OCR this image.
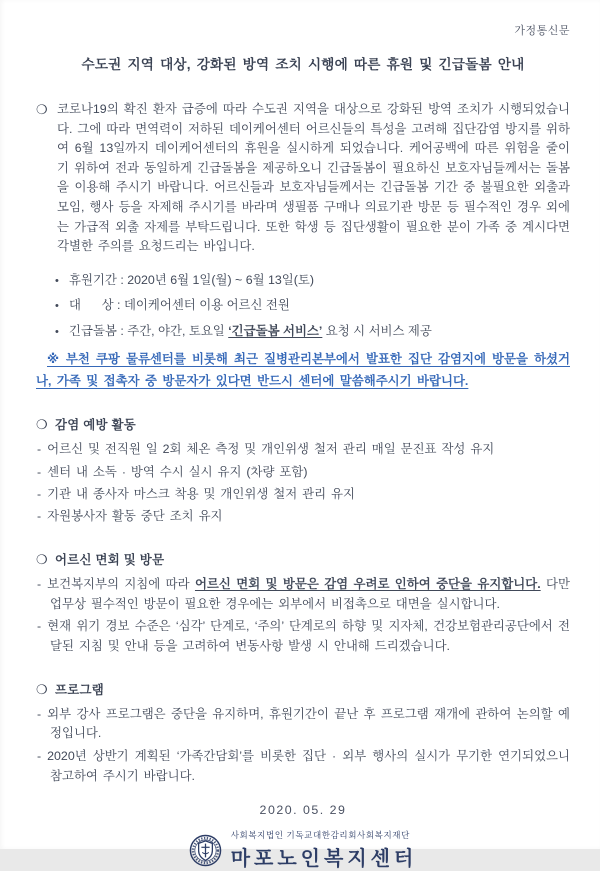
가정통신문
수도권 지역 대상, 강화된 방역 조치 시행에 따른 휴원 및 긴급돌봄 안내

❍ 코로나19의 확진 환자 급증에 따라 수도권 지역을 대상으로 강화된 방역 조치가 시행되었습니다. 그에 따라 면역력이 저하된 데이케어센터 어르신들의 특성을 고려해 집단감염 방지를 위하여 6월 13일까지 데이케어센터의 휴원을 실시하게 되었습니다. 케어공백에 따른 위험을 줄이기 위하여 전과 동일하게 긴급돌봄을 제공하오니 긴급돌봄이 필요하신 보호자님들께서는 돌봄을 이용해 주시기 바랍니다. 어르신들과 보호자님들께서는 긴급돌봄 기간 중 불필요한 외출과 모임, 행사 등을 자제해 주시기를 바라며 생필품 구매나 의료기관 방문 등 필수적인 경우 외에는 가급적 외출 자제를 부탁드립니다. 또한 학생 등 집단생활이 필요한 분이 가족 중 계시다면 각별한 주의를 요청드리는 바입니다.

• 휴원기간 : 2020년 6월 1일(월) ~ 6월 13일(토)
• 대      상 : 데이케어센터 이용 어르신 전원
• 긴급돌봄 : 주간, 야간, 토요일 ‘긴급돌봄 서비스’ 요청 시 서비스 제공

※ 부천 쿠팡 물류센터를 비롯해 최근 질병관리본부에서 발표한 집단 감염지에 방문을 하셨거나, 가족 및 접촉자 중 방문자가 있다면 반드시 센터에 말씀해주시기 바랍니다.

❍ 감염 예방 활동
- 어르신 및 전직원 일 2회 체온 측정 및 개인위생 철저 관리 매일 문진표 작성 유지
- 센터 내 소독 · 방역 수시 실시 유지 (차량 포함)
- 기관 내 종사자 마스크 착용 및 개인위생 철저 관리 유지
- 자원봉사자 활동 중단 조치 유지
❍ 어르신 면회 및 방문
- 보건복지부의 지침에 따라 어르신 면회 및 방문은 감염 우려로 인하여 중단을 유지합니다. 다만 업무상 필수적인 방문이 필요한 경우에는 외부에서 비접촉으로 대면을 실시합니다.
- 현재 위기 경보 수준은 ‘심각’ 단계로, ‘주의’ 단계로의 하향 및 지자체, 건강보험관리공단에서 전달된 지침 및 안내 등을 고려하여 변동사항 발생 시 안내해 드리겠습니다.
❍ 프로그램
- 외부 강사 프로그램은 중단을 유지하며, 휴원기간이 끝난 후 프로그램 재개에 관하여 논의할 예정입니다.
- 2020년 상반기 계획된 ‘가족간담회’를 비롯한 집단 · 외부 행사의 실시가 무기한 연기되었으니 참고하여 주시기 바랍니다.
2020. 05. 29
사회복지법인 기독교대한감리회사회복지재단
마포노인복지센터
